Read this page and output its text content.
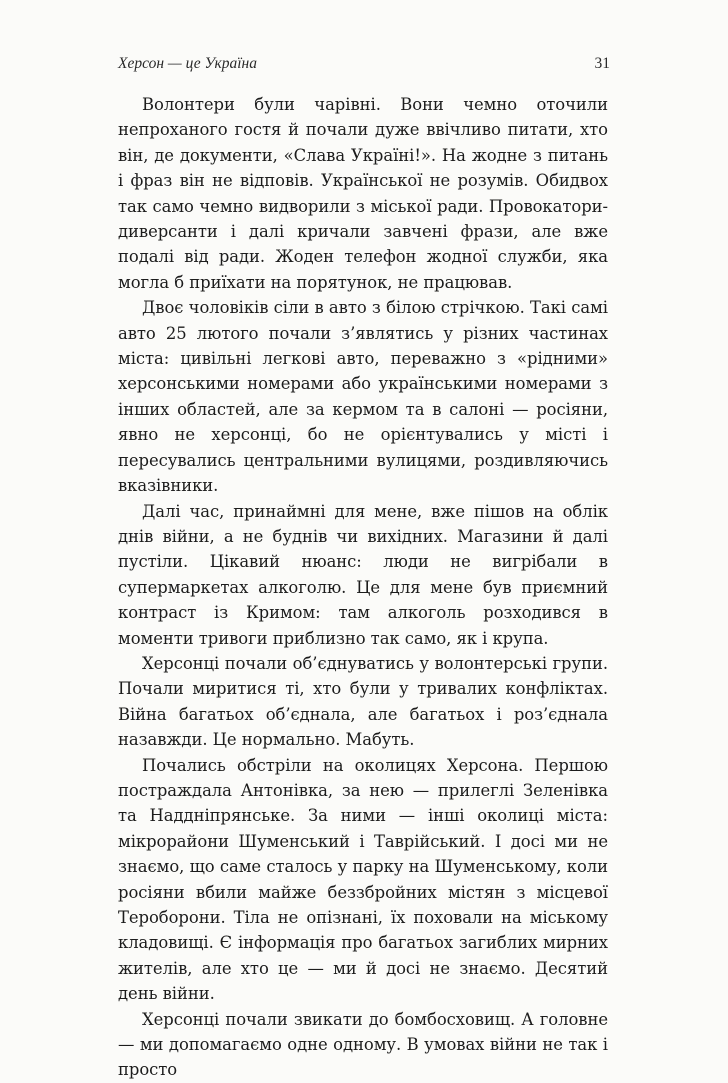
Херсон — це Україна	31

Волонтери були чарівні. Вони чемно оточили непроханого гостя й почали дуже ввічливо питати, хто він, де документи, «Слава Україні!». На жодне з питань і фраз він не відповів. Української не розумів. Обидвох так само чемно видворили з міської ради. Провокатори-диверсанти і далі кричали завчені фрази, але вже подалі від ради. Жоден телефон жодної служби, яка могла б приїхати на порятунок, не працював.

Двоє чоловіків сіли в авто з білою стрічкою. Такі самі авто 25 лютого почали з’являтись у різних частинах міста: цивільні легкові авто, переважно з «рідними» херсонськими номерами або українськими номерами з інших областей, але за кермом та в салоні — росіяни, явно не херсонці, бо не орієнтувались у місті і пересувались центральними вулицями, роздивляючись вказівники.

Далі час, принаймні для мене, вже пішов на облік днів війни, а не буднів чи вихідних. Магазини й далі пустіли. Цікавий нюанс: люди не вигрібали в супермаркетах алкоголю. Це для мене був приємний контраст із Кримом: там алкоголь розходився в моменти тривоги приблизно так само, як і крупа.

Херсонці почали об’єднуватись у волонтерські групи. Почали миритися ті, хто були у тривалих конфліктах. Війна багатьох об’єднала, але багатьох і роз’єднала назавжди. Це нормально. Мабуть.

Почались обстріли на околицях Херсона. Першою постраждала Антонівка, за нею — прилеглі Зеленівка та Наддніпрянське. За ними — інші околиці міста: мікрорайони Шуменський і Таврійський. І досі ми не знаємо, що саме сталось у парку на Шуменському, коли росіяни вбили майже беззбройних містян з місцевої Тероборони. Тіла не опізнані, їх поховали на міському кладовищі. Є інформація про багатьох загиблих мирних жителів, але хто це — ми й досі не знаємо. Десятий день війни.

Херсонці почали звикати до бомбосховищ. А головне — ми допомагаємо одне одному. В умовах війни не так і просто
